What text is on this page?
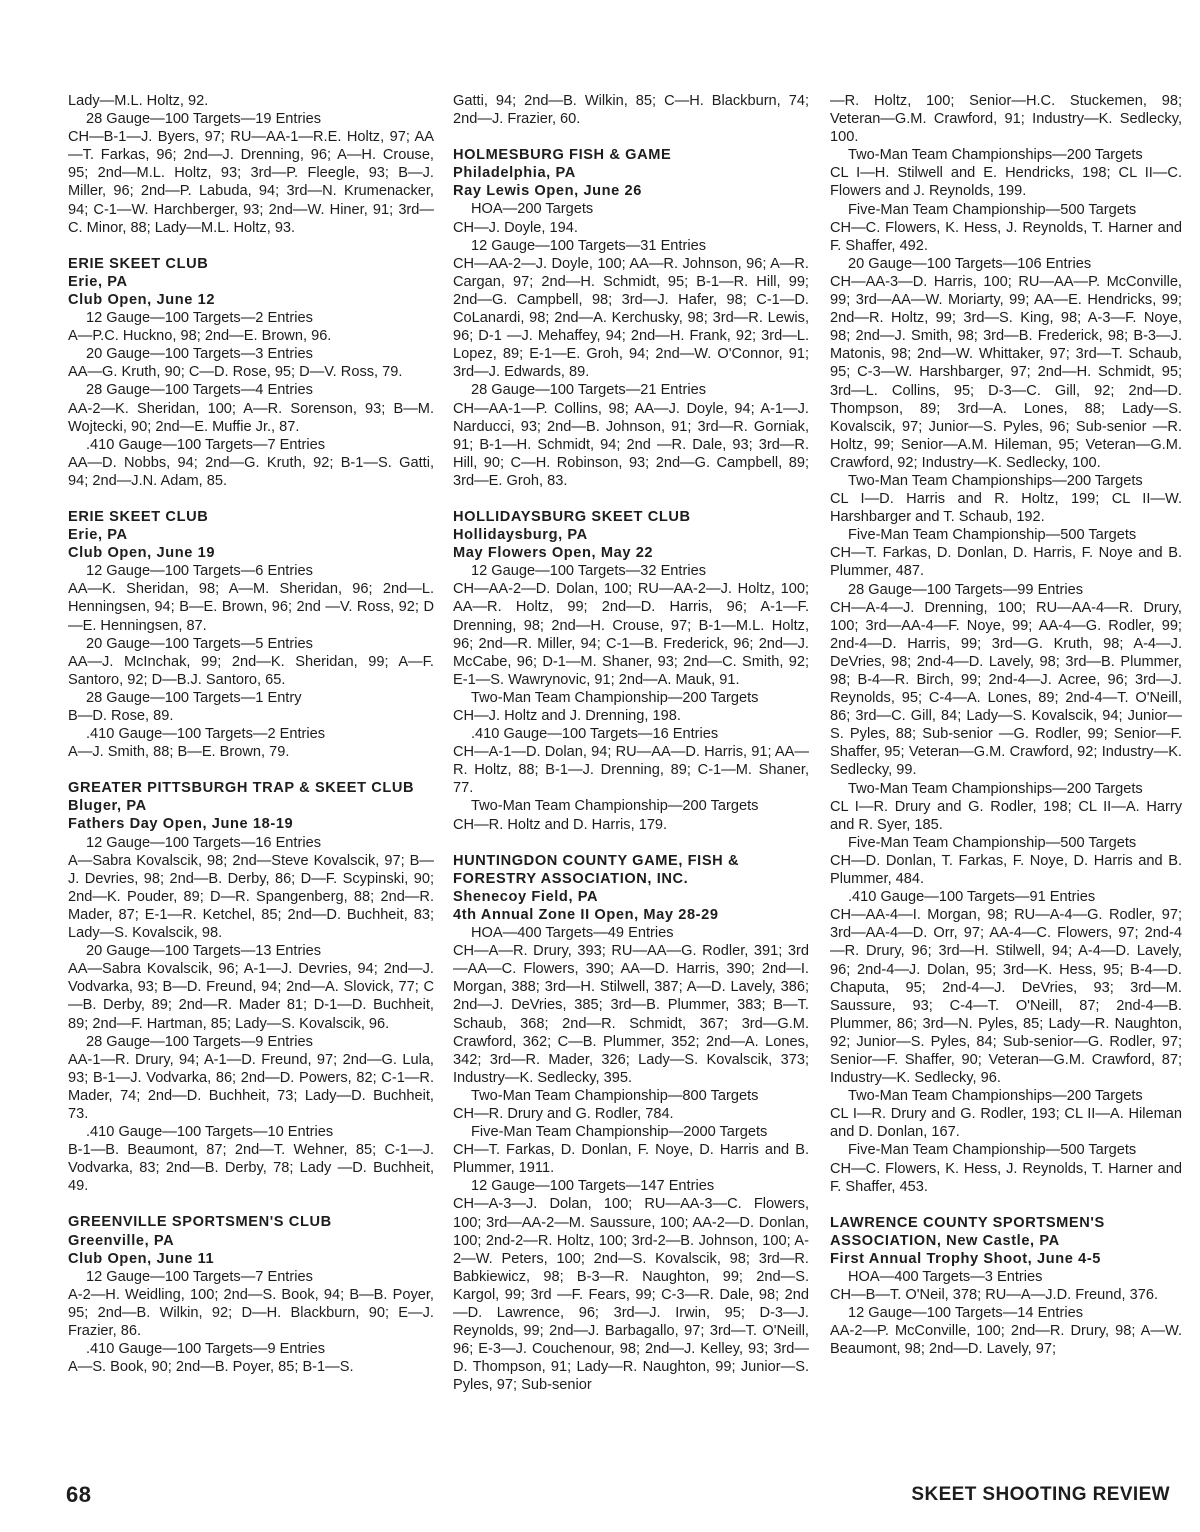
Lady—M.L. Holtz, 92.

28 Gauge—100 Targets—19 Entries

CH—B-1—J. Byers, 97; RU—AA-1—R.E. Holtz, 97; AA—T. Farkas, 96; 2nd—J. Drenning, 96; A—H. Crouse, 95; 2nd—M.L. Holtz, 93; 3rd—P. Fleegle, 93; B—J. Miller, 96; 2nd—P. Labuda, 94; 3rd—N. Krumenacker, 94; C-1—W. Harchberger, 93; 2nd—W. Hiner, 91; 3rd—C. Minor, 88; Lady—M.L. Holtz, 93.

ERIE SKEET CLUB

Erie, PA

Club Open, June 12

12 Gauge—100 Targets—2 Entries

A—P.C. Huckno, 98; 2nd—E. Brown, 96.

20 Gauge—100 Targets—3 Entries

AA—G. Kruth, 90; C—D. Rose, 95; D—V. Ross, 79.

28 Gauge—100 Targets—4 Entries

AA-2—K. Sheridan, 100; A—R. Sorenson, 93; B—M. Wojtecki, 90; 2nd—E. Muffie Jr., 87.

.410 Gauge—100 Targets—7 Entries

AA—D. Nobbs, 94; 2nd—G. Kruth, 92; B-1—S. Gatti, 94; 2nd—J.N. Adam, 85.

ERIE SKEET CLUB

Erie, PA

Club Open, June 19

12 Gauge—100 Targets—6 Entries

AA—K. Sheridan, 98; A—M. Sheridan, 96; 2nd—L. Henningsen, 94; B—E. Brown, 96; 2nd —V. Ross, 92; D—E. Henningsen, 87.

20 Gauge—100 Targets—5 Entries

AA—J. McInchak, 99; 2nd—K. Sheridan, 99; A—F. Santoro, 92; D—B.J. Santoro, 65.

28 Gauge—100 Targets—1 Entry

B—D. Rose, 89.

.410 Gauge—100 Targets—2 Entries

A—J. Smith, 88; B—E. Brown, 79.

GREATER PITTSBURGH TRAP & SKEET CLUB

Bluger, PA

Fathers Day Open, June 18-19

12 Gauge—100 Targets—16 Entries

A—Sabra Kovalscik, 98; 2nd—Steve Kovalscik, 97; B—J. Devries, 98; 2nd—B. Derby, 86; D—F. Scypinski, 90; 2nd—K. Pouder, 89; D—R. Spangenberg, 88; 2nd—R. Mader, 87; E-1—R. Ketchel, 85; 2nd—D. Buchheit, 83; Lady—S. Kovalscik, 98.

20 Gauge—100 Targets—13 Entries

AA—Sabra Kovalscik, 96; A-1—J. Devries, 94; 2nd—J. Vodvarka, 93; B—D. Freund, 94; 2nd—A. Slovick, 77; C—B. Derby, 89; 2nd—R. Mader 81; D-1—D. Buchheit, 89; 2nd—F. Hartman, 85; Lady—S. Kovalscik, 96.

28 Gauge—100 Targets—9 Entries

AA-1—R. Drury, 94; A-1—D. Freund, 97; 2nd—G. Lula, 93; B-1—J. Vodvarka, 86; 2nd—D. Powers, 82; C-1—R. Mader, 74; 2nd—D. Buchheit, 73; Lady—D. Buchheit, 73.

.410 Gauge—100 Targets—10 Entries

B-1—B. Beaumont, 87; 2nd—T. Wehner, 85; C-1—J. Vodvarka, 83; 2nd—B. Derby, 78; Lady —D. Buchheit, 49.

GREENVILLE SPORTSMEN'S CLUB

Greenville, PA

Club Open, June 11

12 Gauge—100 Targets—7 Entries

A-2—H. Weidling, 100; 2nd—S. Book, 94; B—B. Poyer, 95; 2nd—B. Wilkin, 92; D—H. Blackburn, 90; E—J. Frazier, 86.

.410 Gauge—100 Targets—9 Entries

A—S. Book, 90; 2nd—B. Poyer, 85; B-1—S.

Gatti, 94; 2nd—B. Wilkin, 85; C—H. Blackburn, 74; 2nd—J. Frazier, 60.

HOLMESBURG FISH & GAME

Philadelphia, PA

Ray Lewis Open, June 26

HOA—200 Targets

CH—J. Doyle, 194.

12 Gauge—100 Targets—31 Entries

CH—AA-2—J. Doyle, 100; AA—R. Johnson, 96; A—R. Cargan, 97; 2nd—H. Schmidt, 95; B-1—R. Hill, 99; 2nd—G. Campbell, 98; 3rd—J. Hafer, 98; C-1—D. CoLanardi, 98; 2nd—A. Kerchusky, 98; 3rd—R. Lewis, 96; D-1 —J. Mehaffey, 94; 2nd—H. Frank, 92; 3rd—L. Lopez, 89; E-1—E. Groh, 94; 2nd—W. O'Connor, 91; 3rd—J. Edwards, 89.

28 Gauge—100 Targets—21 Entries

CH—AA-1—P. Collins, 98; AA—J. Doyle, 94; A-1—J. Narducci, 93; 2nd—B. Johnson, 91; 3rd—R. Gorniak, 91; B-1—H. Schmidt, 94; 2nd —R. Dale, 93; 3rd—R. Hill, 90; C—H. Robinson, 93; 2nd—G. Campbell, 89; 3rd—E. Groh, 83.

HOLLIDAYSBURG SKEET CLUB

Hollidaysburg, PA

May Flowers Open, May 22

12 Gauge—100 Targets—32 Entries

CH—AA-2—D. Dolan, 100; RU—AA-2—J. Holtz, 100; AA—R. Holtz, 99; 2nd—D. Harris, 96; A-1—F. Drenning, 98; 2nd—H. Crouse, 97; B-1—M.L. Holtz, 96; 2nd—R. Miller, 94; C-1—B. Frederick, 96; 2nd—J. McCabe, 96; D-1—M. Shaner, 93; 2nd—C. Smith, 92; E-1—S. Wawrynovic, 91; 2nd—A. Mauk, 91.

Two-Man Team Championship—200 Targets

CH—J. Holtz and J. Drenning, 198.

.410 Gauge—100 Targets—16 Entries

CH—A-1—D. Dolan, 94; RU—AA—D. Harris, 91; AA—R. Holtz, 88; B-1—J. Drenning, 89; C-1—M. Shaner, 77.

Two-Man Team Championship—200 Targets

CH—R. Holtz and D. Harris, 179.

HUNTINGDON COUNTY GAME, FISH & FORESTRY ASSOCIATION, INC.

Shenecoy Field, PA

4th Annual Zone II Open, May 28-29

HOA—400 Targets—49 Entries

CH—A—R. Drury, 393; RU—AA—G. Rodler, 391; 3rd—AA—C. Flowers, 390; AA—D. Harris, 390; 2nd—I. Morgan, 388; 3rd—H. Stilwell, 387; A—D. Lavely, 386; 2nd—J. DeVries, 385; 3rd—B. Plummer, 383; B—T. Schaub, 368; 2nd—R. Schmidt, 367; 3rd—G.M. Crawford, 362; C—B. Plummer, 352; 2nd—A. Lones, 342; 3rd—R. Mader, 326; Lady—S. Kovalscik, 373; Industry—K. Sedlecky, 395.

Two-Man Team Championship—800 Targets

CH—R. Drury and G. Rodler, 784.

Five-Man Team Championship—2000 Targets

CH—T. Farkas, D. Donlan, F. Noye, D. Harris and B. Plummer, 1911.

12 Gauge—100 Targets—147 Entries

CH—A-3—J. Dolan, 100; RU—AA-3—C. Flowers, 100; 3rd—AA-2—M. Saussure, 100; AA-2—D. Donlan, 100; 2nd-2—R. Holtz, 100; 3rd-2—B. Johnson, 100; A-2—W. Peters, 100; 2nd—S. Kovalscik, 98; 3rd—R. Babkiewicz, 98; B-3—R. Naughton, 99; 2nd—S. Kargol, 99; 3rd —F. Fears, 99; C-3—R. Dale, 98; 2nd—D. Lawrence, 96; 3rd—J. Irwin, 95; D-3—J. Reynolds, 99; 2nd—J. Barbagallo, 97; 3rd—T. O'Neill, 96; E-3—J. Couchenour, 98; 2nd—J. Kelley, 93; 3rd—D. Thompson, 91; Lady—R. Naughton, 99; Junior—S. Pyles, 97; Sub-senior

—R. Holtz, 100; Senior—H.C. Stuckemen, 98; Veteran—G.M. Crawford, 91; Industry—K. Sedlecky, 100.

Two-Man Team Championships—200 Targets

CL I—H. Stilwell and E. Hendricks, 198; CL II—C. Flowers and J. Reynolds, 199.

Five-Man Team Championship—500 Targets

CH—C. Flowers, K. Hess, J. Reynolds, T. Harner and F. Shaffer, 492.

20 Gauge—100 Targets—106 Entries

CH—AA-3—D. Harris, 100; RU—AA—P. McConville, 99; 3rd—AA—W. Moriarty, 99; AA—E. Hendricks, 99; 2nd—R. Holtz, 99; 3rd—S. King, 98; A-3—F. Noye, 98; 2nd—J. Smith, 98; 3rd—B. Frederick, 98; B-3—J. Matonis, 98; 2nd—W. Whittaker, 97; 3rd—T. Schaub, 95; C-3—W. Harshbarger, 97; 2nd—H. Schmidt, 95; 3rd—L. Collins, 95; D-3—C. Gill, 92; 2nd—D. Thompson, 89; 3rd—A. Lones, 88; Lady—S. Kovalscik, 97; Junior—S. Pyles, 96; Sub-senior —R. Holtz, 99; Senior—A.M. Hileman, 95; Veteran—G.M. Crawford, 92; Industry—K. Sedlecky, 100.

Two-Man Team Championships—200 Targets

CL I—D. Harris and R. Holtz, 199; CL II—W. Harshbarger and T. Schaub, 192.

Five-Man Team Championship—500 Targets

CH—T. Farkas, D. Donlan, D. Harris, F. Noye and B. Plummer, 487.

28 Gauge—100 Targets—99 Entries

CH—A-4—J. Drenning, 100; RU—AA-4—R. Drury, 100; 3rd—AA-4—F. Noye, 99; AA-4—G. Rodler, 99; 2nd-4—D. Harris, 99; 3rd—G. Kruth, 98; A-4—J. DeVries, 98; 2nd-4—D. Lavely, 98; 3rd—B. Plummer, 98; B-4—R. Birch, 99; 2nd-4—J. Acree, 96; 3rd—J. Reynolds, 95; C-4—A. Lones, 89; 2nd-4—T. O'Neill, 86; 3rd—C. Gill, 84; Lady—S. Kovalscik, 94; Junior—S. Pyles, 88; Sub-senior —G. Rodler, 99; Senior—F. Shaffer, 95; Veteran—G.M. Crawford, 92; Industry—K. Sedlecky, 99.

Two-Man Team Championships—200 Targets

CL I—R. Drury and G. Rodler, 198; CL II—A. Harry and R. Syer, 185.

Five-Man Team Championship—500 Targets

CH—D. Donlan, T. Farkas, F. Noye, D. Harris and B. Plummer, 484.

.410 Gauge—100 Targets—91 Entries

CH—AA-4—I. Morgan, 98; RU—A-4—G. Rodler, 97; 3rd—AA-4—D. Orr, 97; AA-4—C. Flowers, 97; 2nd-4—R. Drury, 96; 3rd—H. Stilwell, 94; A-4—D. Lavely, 96; 2nd-4—J. Dolan, 95; 3rd—K. Hess, 95; B-4—D. Chaputa, 95; 2nd-4—J. DeVries, 93; 3rd—M. Saussure, 93; C-4—T. O'Neill, 87; 2nd-4—B. Plummer, 86; 3rd—N. Pyles, 85; Lady—R. Naughton, 92; Junior—S. Pyles, 84; Sub-senior—G. Rodler, 97; Senior—F. Shaffer, 90; Veteran—G.M. Crawford, 87; Industry—K. Sedlecky, 96.

Two-Man Team Championships—200 Targets

CL I—R. Drury and G. Rodler, 193; CL II—A. Hileman and D. Donlan, 167.

Five-Man Team Championship—500 Targets

CH—C. Flowers, K. Hess, J. Reynolds, T. Harner and F. Shaffer, 453.

LAWRENCE COUNTY SPORTSMEN'S ASSOCIATION, New Castle, PA

First Annual Trophy Shoot, June 4-5

HOA—400 Targets—3 Entries

CH—B—T. O'Neil, 378; RU—A—J.D. Freund, 376.

12 Gauge—100 Targets—14 Entries

AA-2—P. McConville, 100; 2nd—R. Drury, 98; A—W. Beaumont, 98; 2nd—D. Lavely, 97;

68	SKEET SHOOTING REVIEW
